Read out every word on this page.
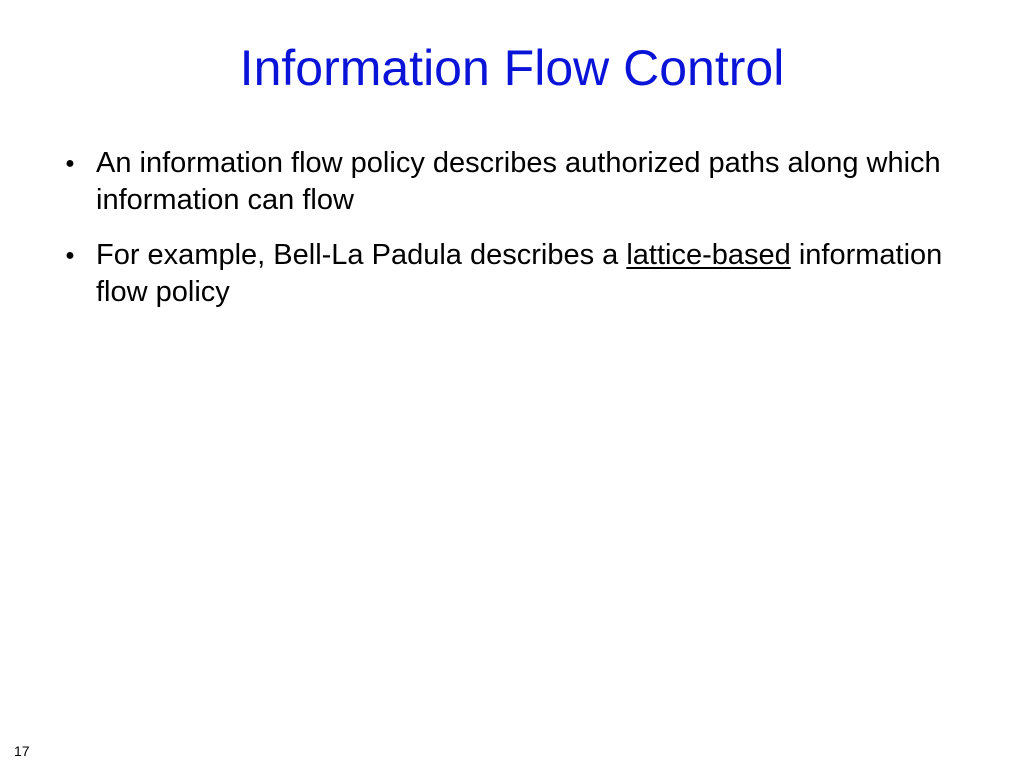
Information Flow Control
● An information flow policy describes authorized paths along which information can flow
● For example, Bell-La Padula describes a lattice-based information flow policy
17
